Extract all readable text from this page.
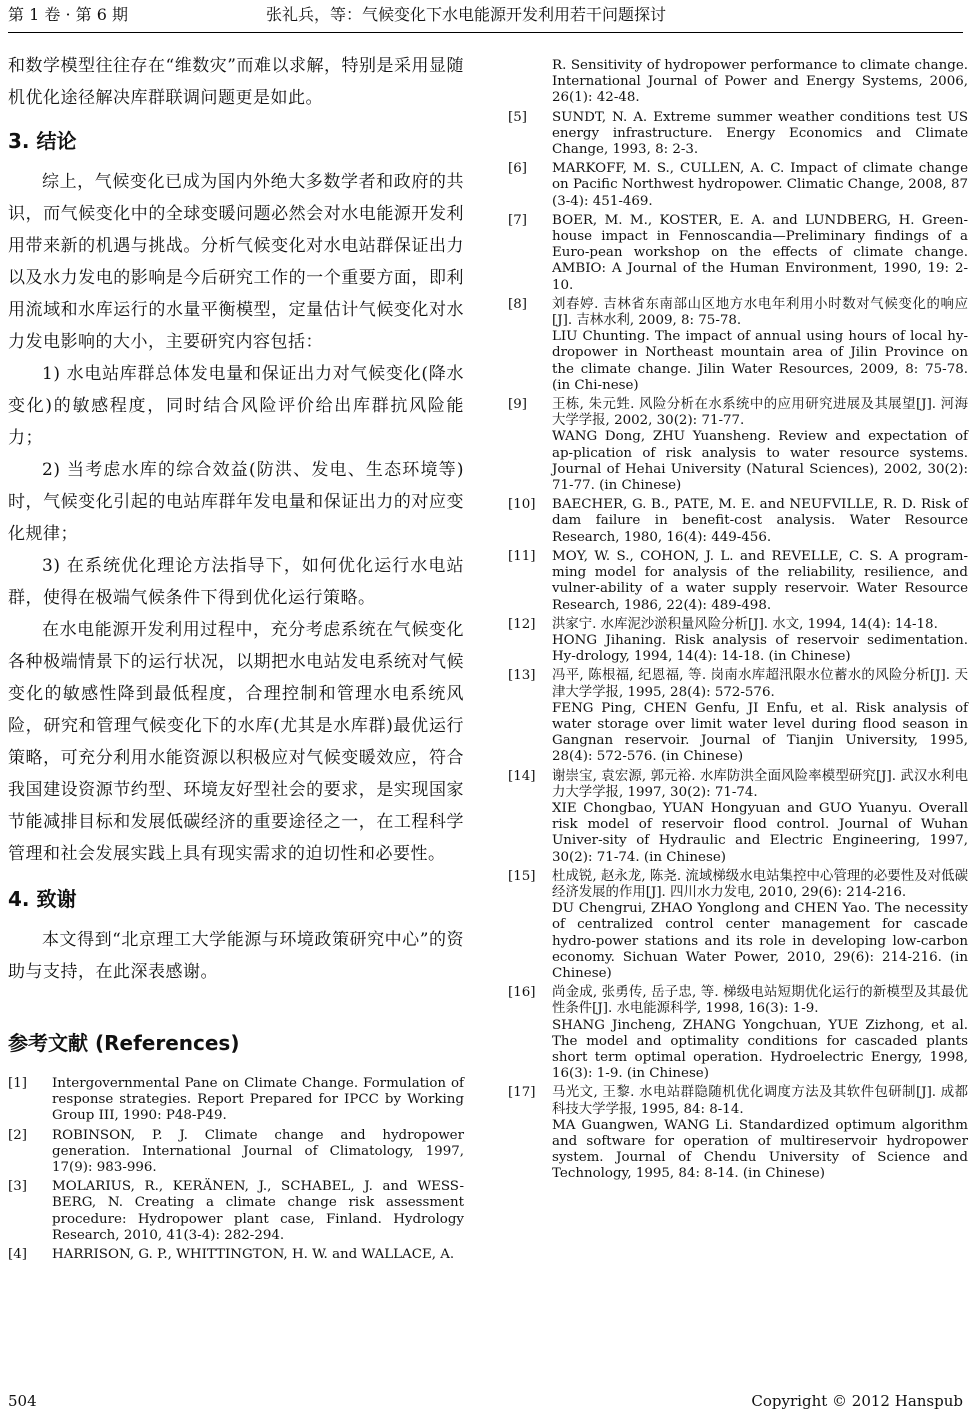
第 1 卷 · 第 6 期	张礼兵，等：气候变化下水电能源开发利用若干问题探讨

和数学模型往往存在“维数灾”而难以求解，特别是采用显随机优化途径解决库群联调问题更是如此。

3. 结论

综上，气候变化已成为国内外绝大多数学者和政府的共识，而气候变化中的全球变暖问题必然会对水电能源开发利用带来新的机遇与挑战。分析气候变化对水电站群保证出力以及水力发电的影响是今后研究工作的一个重要方面，即利用流域和水库运行的水量平衡模型，定量估计气候变化对水力发电影响的大小，主要研究内容包括：

1) 水电站库群总体发电量和保证出力对气候变化(降水变化)的敏感程度，同时结合风险评价给出库群抗风险能力；

2) 当考虑水库的综合效益(防洪、发电、生态环境等)时，气候变化引起的电站库群年发电量和保证出力的对应变化规律；

3) 在系统优化理论方法指导下，如何优化运行水电站群，使得在极端气候条件下得到优化运行策略。

在水电能源开发利用过程中，充分考虑系统在气候变化各种极端情景下的运行状况，以期把水电站发电系统对气候变化的敏感性降到最低程度，合理控制和管理水电系统风险，研究和管理气候变化下的水库(尤其是水库群)最优运行策略，可充分利用水能资源以积极应对气候变暖效应，符合我国建设资源节约型、环境友好型社会的要求，是实现国家节能减排目标和发展低碳经济的重要途径之一，在工程科学管理和社会发展实践上具有现实需求的迫切性和必要性。

4. 致谢

本文得到“北京理工大学能源与环境政策研究中心”的资助与支持，在此深表感谢。

参考文献 (References)
[1]	Intergovernmental Pane on Climate Change. Formulation of response strategies. Report Prepared for IPCC by Working Group III, 1990: P48-P49.
[2]	ROBINSON, P. J. Climate change and hydropower generation. International Journal of Climatology, 1997, 17(9): 983-996.
[3]	MOLARIUS, R., KERÄNEN, J., SCHABEL, J. and WESS-BERG, N. Creating a climate change risk assessment procedure: Hydropower plant case, Finland. Hydrology Research, 2010, 41(3-4): 282-294.
[4]	HARRISON, G. P., WHITTINGTON, H. W. and WALLACE, A.

R. Sensitivity of hydropower performance to climate change. International Journal of Power and Energy Systems, 2006, 26(1): 42-48.

[5]	SUNDT, N. A. Extreme summer weather conditions test US energy infrastructure. Energy Economics and Climate Change, 1993, 8: 2-3.
[6]	MARKOFF, M. S., CULLEN, A. C. Impact of climate change on Pacific Northwest hydropower. Climatic Change, 2008, 87 (3-4): 451-469.
[7]	BOER, M. M., KOSTER, E. A. and LUNDBERG, H. Green-house impact in Fennoscandia—Preliminary findings of a Euro-pean workshop on the effects of climate change. AMBIO: A Journal of the Human Environment, 1990, 19: 2-10.
[8]	刘春婷. 吉林省东南部山区地方水电年利用小时数对气候变化的响应[J]. 吉林水利, 2009, 8: 75-78.
LIU Chunting. The impact of annual using hours of local hy-dropower in Northeast mountain area of Jilin Province on the climate change. Jilin Water Resources, 2009, 8: 75-78. (in Chi-nese)
[9]	王栋, 朱元甡. 风险分析在水系统中的应用研究进展及其展望[J]. 河海大学学报, 2002, 30(2): 71-77.
WANG Dong, ZHU Yuansheng. Review and expectation of ap-plication of risk analysis to water resource systems. Journal of Hehai University (Natural Sciences), 2002, 30(2): 71-77. (in Chinese)
[10]	BAECHER, G. B., PATE, M. E. and NEUFVILLE, R. D. Risk of dam failure in benefit-cost analysis. Water Resource Research, 1980, 16(4): 449-456.
[11]	MOY, W. S., COHON, J. L. and REVELLE, C. S. A program-ming model for analysis of the reliability, resilience, and vulner-ability of a water supply reservoir. Water Resource Research, 1986, 22(4): 489-498.
[12]	洪家宁. 水库泥沙淤积量风险分析[J]. 水文, 1994, 14(4): 14-18.
HONG Jihaning. Risk analysis of reservoir sedimentation. Hy-drology, 1994, 14(4): 14-18. (in Chinese)
[13]	冯平, 陈根福, 纪恩福, 等. 岗南水库超汛限水位蓄水的风险分析[J]. 天津大学学报, 1995, 28(4): 572-576.
FENG Ping, CHEN Genfu, JI Enfu, et al. Risk analysis of water storage over limit water level during flood season in Gangnan reservoir. Journal of Tianjin University, 1995, 28(4): 572-576. (in Chinese)
[14]	谢崇宝, 袁宏源, 郭元裕. 水库防洪全面风险率模型研究[J]. 武汉水利电力大学学报, 1997, 30(2): 71-74.
XIE Chongbao, YUAN Hongyuan and GUO Yuanyu. Overall risk model of reservoir flood control. Journal of Wuhan Univer-sity of Hydraulic and Electric Engineering, 1997, 30(2): 71-74. (in Chinese)
[15]	杜成锐, 赵永龙, 陈尧. 流域梯级水电站集控中心管理的必要性及对低碳经济发展的作用[J]. 四川水力发电, 2010, 29(6): 214-216.
DU Chengrui, ZHAO Yonglong and CHEN Yao. The necessity of centralized control center management for cascade hydro-power stations and its role in developing low-carbon economy. Sichuan Water Power, 2010, 29(6): 214-216. (in Chinese)
[16]	尚金成, 张勇传, 岳子忠, 等. 梯级电站短期优化运行的新模型及其最优性条件[J]. 水电能源科学, 1998, 16(3): 1-9.
SHANG Jincheng, ZHANG Yongchuan, YUE Zizhong, et al. The model and optimality conditions for cascaded plants short term optimal operation. Hydroelectric Energy, 1998, 16(3): 1-9. (in Chinese)
[17]	马光文, 王黎. 水电站群隐随机优化调度方法及其软件包研制[J]. 成都科技大学学报, 1995, 84: 8-14.
MA Guangwen, WANG Li. Standardized optimum algorithm and software for operation of multireservoir hydropower system. Journal of Chendu University of Science and Technology, 1995, 84: 8-14. (in Chinese)
504	Copyright © 2012 Hanspub
